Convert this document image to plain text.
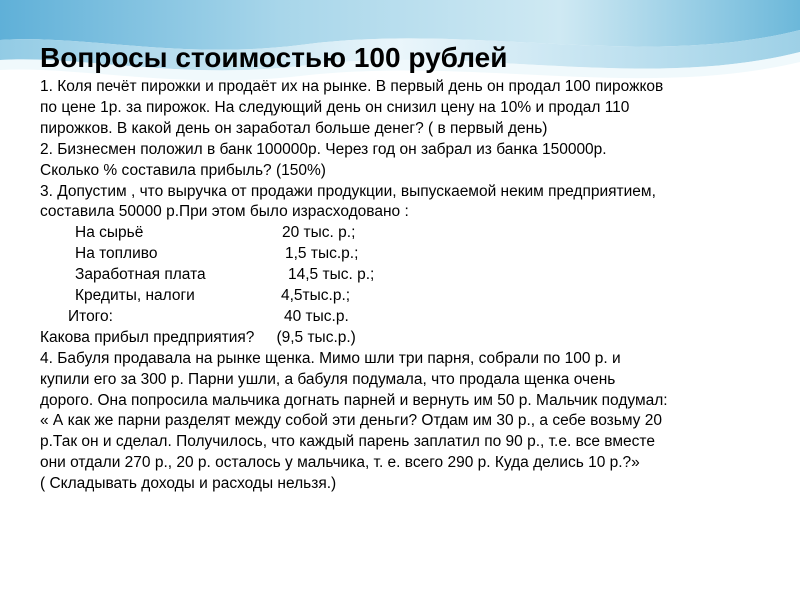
Вопросы стоимостью 100 рублей
1. Коля печёт пирожки и продаёт их на рынке. В первый день он продал 100 пирожков
по цене 1р. за пирожок. На следующий день он снизил цену на 10% и продал 110
пирожков. В какой день он заработал больше денег? ( в первый день)
2. Бизнесмен положил в банк 100000р. Через год он забрал из банка 150000р.
Сколько % составила прибыль? (150%)
3. Допустим , что выручка от продажи продукции, выпускаемой неким предприятием,
составила 50000 р.При этом было израсходовано :
На сырьё	20 тыс. р.;
На топливо	1,5 тыс.р.;
Заработная плата	14,5 тыс. р.;
Кредиты, налоги	4,5тыс.р.;
Итого:	40 тыс.р.
Какова прибыл предприятия? (9,5 тыс.р.)
4. Бабуля продавала на рынке щенка. Мимо шли три парня, собрали по 100 р. и
купили его за 300 р. Парни ушли, а бабуля подумала, что продала щенка очень
дорого. Она попросила мальчика догнать парней и вернуть им 50 р. Мальчик подумал:
« А как же парни разделят между собой эти деньги? Отдам им 30 р., а себе возьму 20
р.Так он и сделал. Получилось, что каждый парень заплатил по 90 р., т.е. все вместе
они отдали 270 р., 20 р. осталось у мальчика, т. е. всего 290 р. Куда делись 10 р.?»
( Складывать доходы и расходы нельзя.)
